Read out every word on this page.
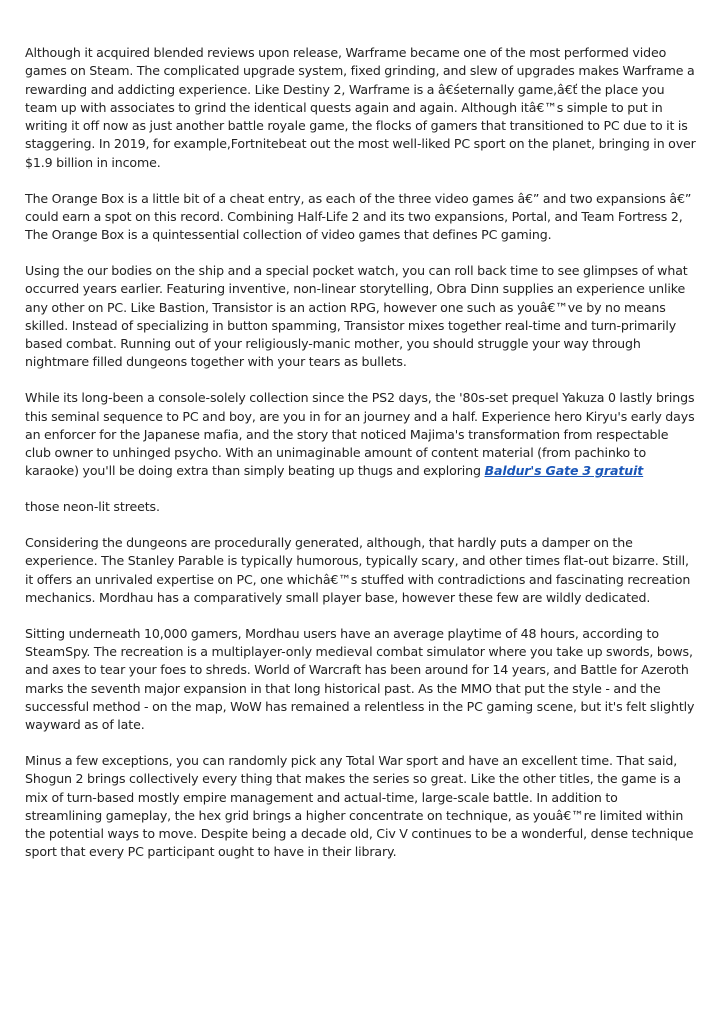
Although it acquired blended reviews upon release, Warframe became one of the most performed video games on Steam. The complicated upgrade system, fixed grinding, and slew of upgrades makes Warframe a rewarding and addicting experience. Like Destiny 2, Warframe is a â€śeternally game,â€ť the place you team up with associates to grind the identical quests again and again. Although itâ€™s simple to put in writing it off now as just another battle royale game, the flocks of gamers that transitioned to PC due to it is staggering. In 2019, for example,Fortnitebeat out the most well-liked PC sport on the planet, bringing in over $1.9 billion in income.

The Orange Box is a little bit of a cheat entry, as each of the three video games â€” and two expansions â€” could earn a spot on this record. Combining Half-Life 2 and its two expansions, Portal, and Team Fortress 2, The Orange Box is a quintessential collection of video games that defines PC gaming.

Using the our bodies on the ship and a special pocket watch, you can roll back time to see glimpses of what occurred years earlier. Featuring inventive, non-linear storytelling, Obra Dinn supplies an experience unlike any other on PC. Like Bastion, Transistor is an action RPG, however one such as youâ€™ve by no means skilled. Instead of specializing in button spamming, Transistor mixes together real-time and turn-primarily based combat. Running out of your religiously-manic mother, you should struggle your way through nightmare filled dungeons together with your tears as bullets.

While its long-been a console-solely collection since the PS2 days, the '80s-set prequel Yakuza 0 lastly brings this seminal sequence to PC and boy, are you in for an journey and a half. Experience hero Kiryu's early days an enforcer for the Japanese mafia, and the story that noticed Majima's transformation from respectable club owner to unhinged psycho. With an unimaginable amount of content material (from pachinko to karaoke) you'll be doing extra than simply beating up thugs and exploring Baldur's Gate 3 gratuit

those neon-lit streets.

Considering the dungeons are procedurally generated, although, that hardly puts a damper on the experience. The Stanley Parable is typically humorous, typically scary, and other times flat-out bizarre. Still, it offers an unrivaled expertise on PC, one whichâ€™s stuffed with contradictions and fascinating recreation mechanics. Mordhau has a comparatively small player base, however these few are wildly dedicated.

Sitting underneath 10,000 gamers, Mordhau users have an average playtime of 48 hours, according to SteamSpy. The recreation is a multiplayer-only medieval combat simulator where you take up swords, bows, and axes to tear your foes to shreds. World of Warcraft has been around for 14 years, and Battle for Azeroth marks the seventh major expansion in that long historical past. As the MMO that put the style - and the successful method - on the map, WoW has remained a relentless in the PC gaming scene, but it's felt slightly wayward as of late.

Minus a few exceptions, you can randomly pick any Total War sport and have an excellent time. That said, Shogun 2 brings collectively every thing that makes the series so great. Like the other titles, the game is a mix of turn-based mostly empire management and actual-time, large-scale battle. In addition to streamlining gameplay, the hex grid brings a higher concentrate on technique, as youâ€™re limited within the potential ways to move. Despite being a decade old, Civ V continues to be a wonderful, dense technique sport that every PC participant ought to have in their library.
